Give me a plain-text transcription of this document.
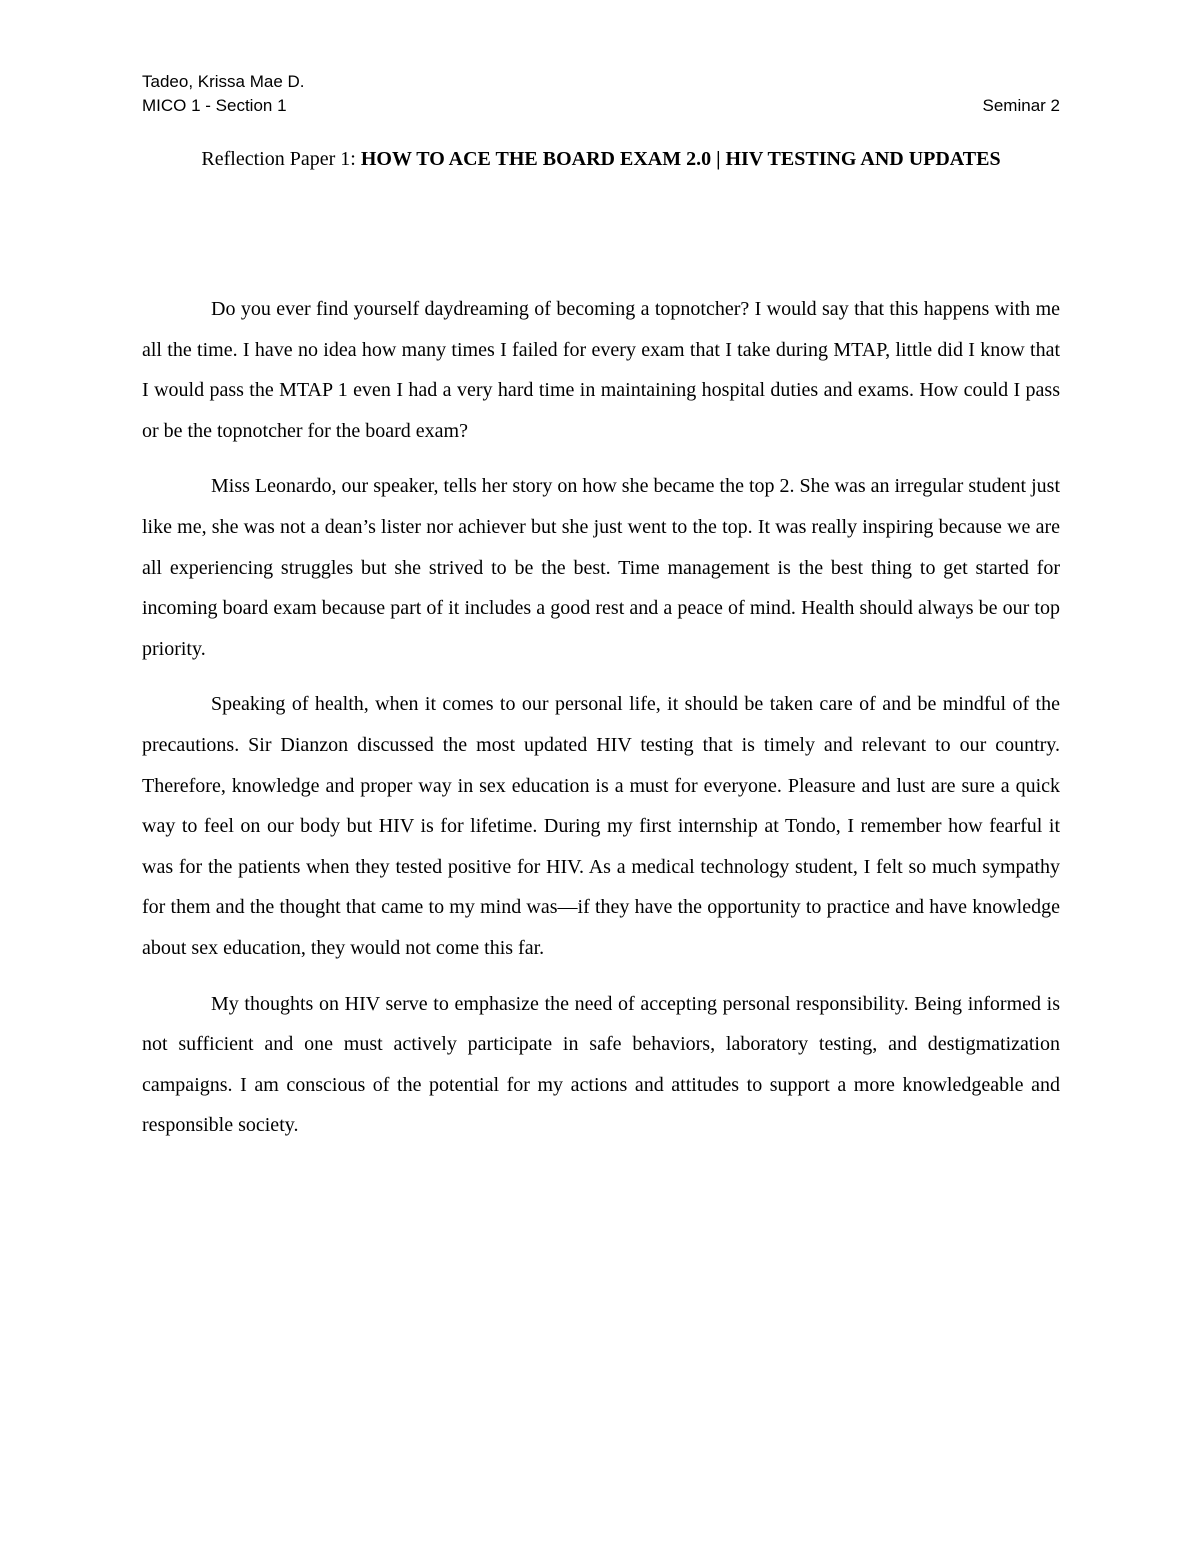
Tadeo, Krissa Mae D.
MICO 1 - Section 1	Seminar 2
Reflection Paper 1: HOW TO ACE THE BOARD EXAM 2.0 | HIV TESTING AND UPDATES

Do you ever find yourself daydreaming of becoming a topnotcher? I would say that this happens with me all the time. I have no idea how many times I failed for every exam that I take during MTAP, little did I know that I would pass the MTAP 1 even I had a very hard time in maintaining hospital duties and exams. How could I pass or be the topnotcher for the board exam?

Miss Leonardo, our speaker, tells her story on how she became the top 2. She was an irregular student just like me, she was not a dean’s lister nor achiever but she just went to the top. It was really inspiring because we are all experiencing struggles but she strived to be the best. Time management is the best thing to get started for incoming board exam because part of it includes a good rest and a peace of mind. Health should always be our top priority.

Speaking of health, when it comes to our personal life, it should be taken care of and be mindful of the precautions. Sir Dianzon discussed the most updated HIV testing that is timely and relevant to our country. Therefore, knowledge and proper way in sex education is a must for everyone. Pleasure and lust are sure a quick way to feel on our body but HIV is for lifetime. During my first internship at Tondo, I remember how fearful it was for the patients when they tested positive for HIV. As a medical technology student, I felt so much sympathy for them and the thought that came to my mind was—if they have the opportunity to practice and have knowledge about sex education, they would not come this far.

My thoughts on HIV serve to emphasize the need of accepting personal responsibility. Being informed is not sufficient and one must actively participate in safe behaviors, laboratory testing, and destigmatization campaigns. I am conscious of the potential for my actions and attitudes to support a more knowledgeable and responsible society.
